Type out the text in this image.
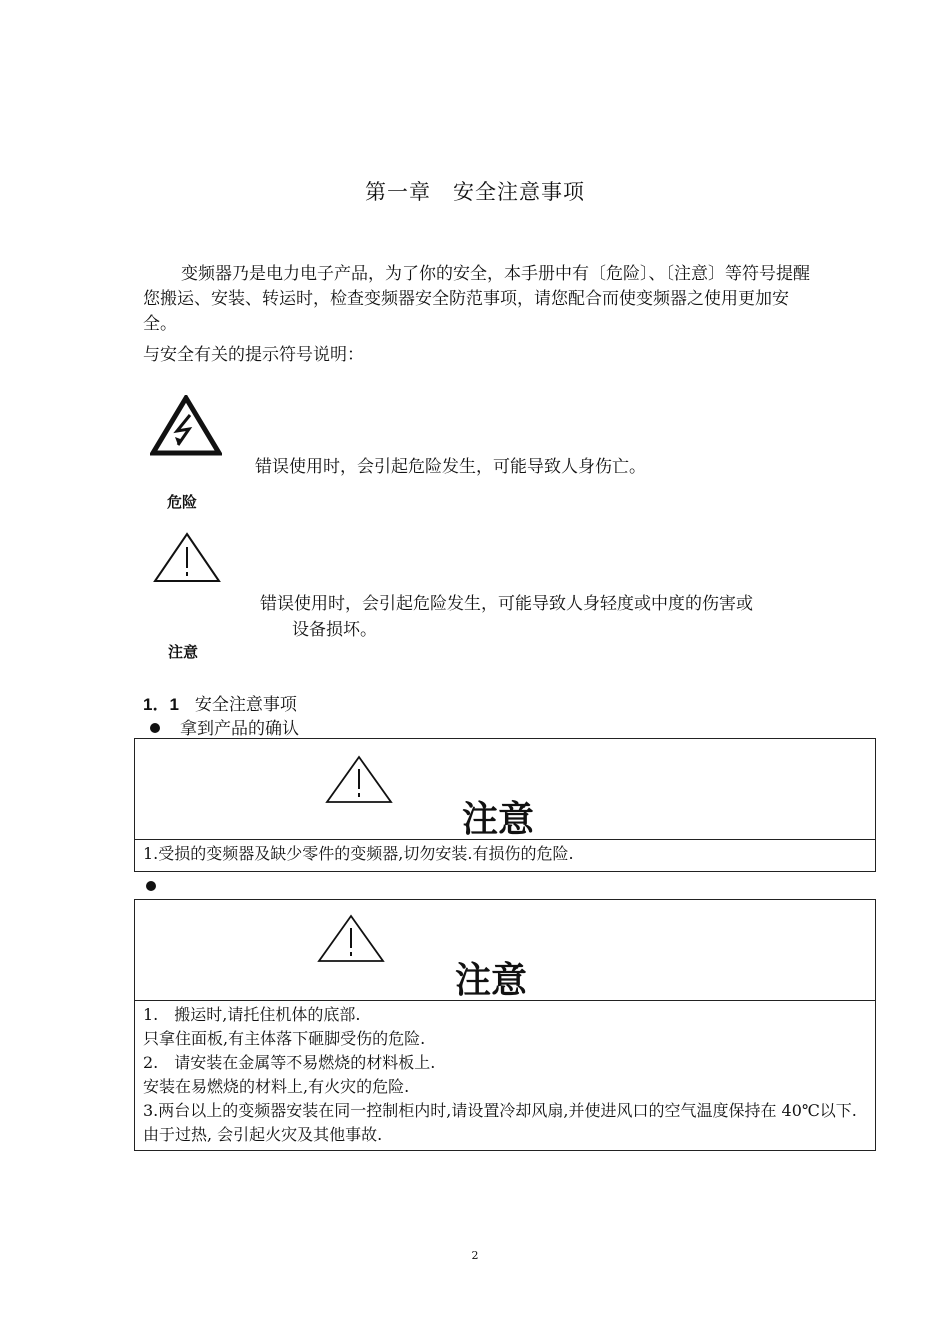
第一章　安全注意事项
变频器乃是电力电子产品，为了你的安全，本手册中有〔危险〕、〔注意〕等符号提醒您搬运、安装、转运时，检查变频器安全防范事项，请您配合而使变频器之使用更加安全。
与安全有关的提示符号说明：
错误使用时，会引起危险发生，可能导致人身伤亡。
危险
错误使用时，会引起危险发生，可能导致人身轻度或中度的伤害或
设备损坏。
注意
1．1 安全注意事项
拿到产品的确认
注意
1.受损的变频器及缺少零件的变频器,切勿安装.有损伤的危险.
注意
1.　搬运时,请托住机体的底部.
只拿住面板,有主体落下砸脚受伤的危险.
2.　请安装在金属等不易燃烧的材料板上.
安装在易燃烧的材料上,有火灾的危险.
3.两台以上的变频器安装在同一控制柜内时,请设置冷却风扇,并使进风口的空气温度保持在 40℃以下. 由于过热, 会引起火灾及其他事故.
2
